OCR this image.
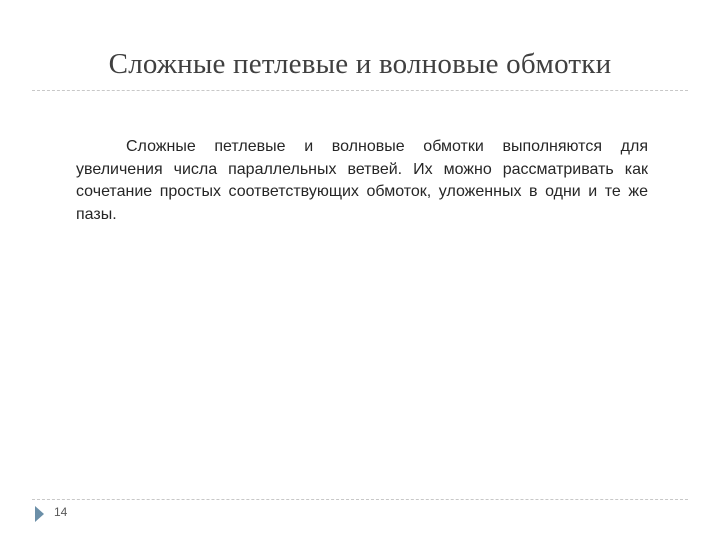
Сложные петлевые и волновые обмотки

Сложные петлевые и волновые обмотки выполняются для увеличения числа параллельных ветвей. Их можно рассматривать как сочетание простых соответствующих обмоток, уложенных в одни и те же пазы.

14
